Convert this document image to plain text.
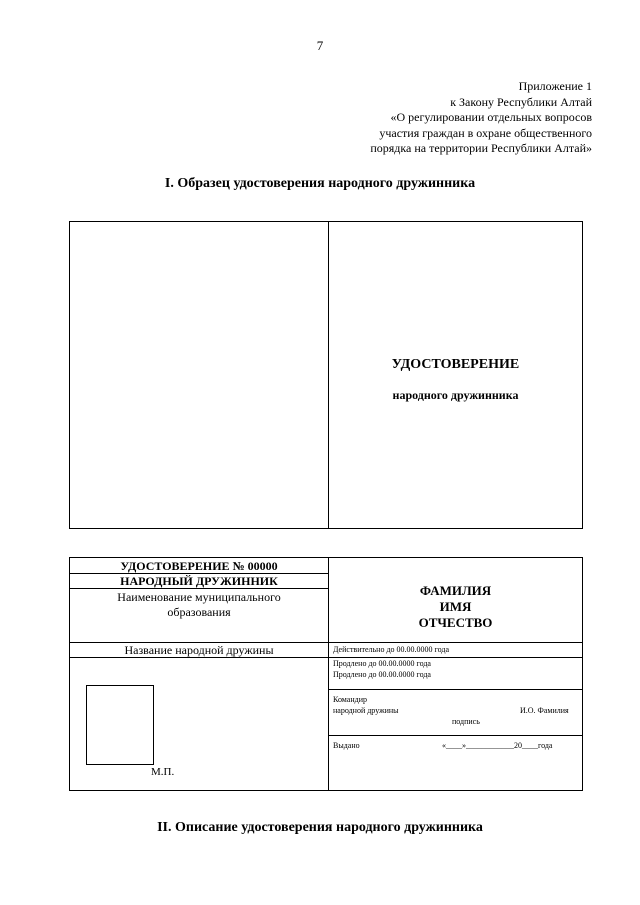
7
Приложение 1
к Закону Республики Алтай
«О регулировании отдельных вопросов
участия граждан в охране общественного
порядка на территории Республики Алтай»
I. Образец удостоверения народного дружинника
УДОСТОВЕРЕНИЕ
народного дружинника
УДОСТОВЕРЕНИЕ № 00000
НАРОДНЫЙ ДРУЖИННИК
Наименование муниципального
образования
Название народной дружины
М.П.
ФАМИЛИЯ
ИМЯ
ОТЧЕСТВО
Действительно до 00.00.0000 года
Продлено до 00.00.0000 года
Продлено до 00.00.0000 года
Командир
народной дружины	И.О. Фамилия
подпись
Выдано	«____»____________20____года
II. Описание удостоверения народного дружинника
